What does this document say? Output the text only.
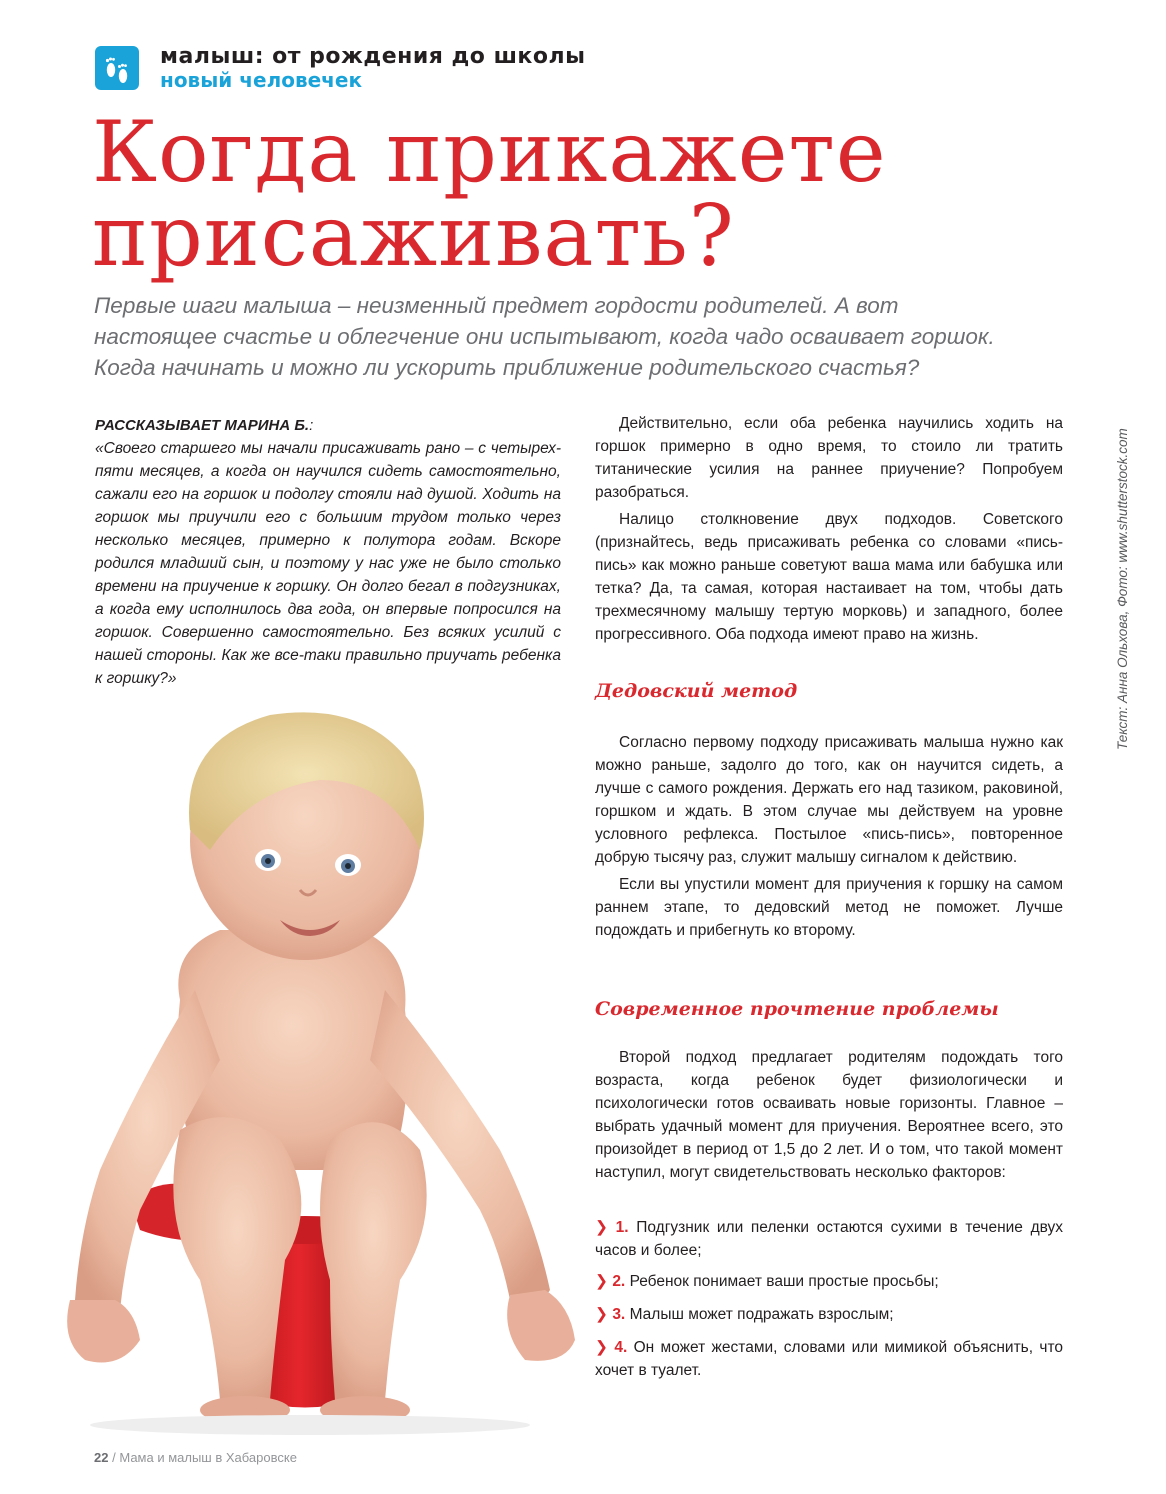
малыш: от рождения до школы
новый человечек
Когда прикажете
присаживать?
Первые шаги малыша – неизменный предмет гордости родителей. А вот
настоящее счастье и облегчение они испытывают, когда чадо осваивает горшок.
Когда начинать и можно ли ускорить приближение родительского счастья?
РАССКАЗЫВАЕТ МАРИНА Б.:
«Своего старшего мы начали присаживать рано – с четырех-пяти месяцев, а когда он научился сидеть самостоятельно, сажали его на горшок и подолгу стояли над душой. Ходить на горшок мы приучили его с большим трудом только через несколько месяцев, примерно к полутора годам. Вскоре родился младший сын, и поэтому у нас уже не было столько времени на приучение к горшку. Он долго бегал в подгузниках, а когда ему исполнилось два года, он впервые попросился на горшок. Совершенно самостоятельно. Без всяких усилий с нашей стороны. Как же все-таки правильно приучать ребенка к горшку?»

Действительно, если оба ребенка научились ходить на горшок примерно в одно время, то стоило ли тратить титанические усилия на раннее приучение? Попробуем разобраться.

Налицо столкновение двух подходов. Советского (признайтесь, ведь присаживать ребенка со словами «пись-пись» как можно раньше советуют ваша мама или бабушка или тетка? Да, та самая, которая настаивает на том, чтобы дать трехмесячному малышу тертую морковь) и западного, более прогрессивного. Оба подхода имеют право на жизнь.

Дедовский метод

Согласно первому подходу присаживать малыша нужно как можно раньше, задолго до того, как он научится сидеть, а лучше с самого рождения. Держать его над тазиком, раковиной, горшком и ждать. В этом случае мы действуем на уровне условного рефлекса. Постылое «пись-пись», повторенное добрую тысячу раз, служит малышу сигналом к действию.

Если вы упустили момент для приучения к горшку на самом раннем этапе, то дедовский метод не поможет. Лучше подождать и прибегнуть ко второму.

Современное прочтение проблемы

Второй подход предлагает родителям подождать того возраста, когда ребенок будет физиологически и психологически готов осваивать новые горизонты. Главное – выбрать удачный момент для приучения. Вероятнее всего, это произойдет в период от 1,5 до 2 лет. И о том, что такой момент наступил, могут свидетельствовать несколько факторов:

❯ 1. Подгузник или пеленки остаются сухими в течение двух часов и более;
❯ 2. Ребенок понимает ваши простые просьбы;
❯ 3. Малыш может подражать взрослым;
❯ 4. Он может жестами, словами или мимикой объяснить, что хочет в туалет.
Текст: Анна Ольхова, Фото: www.shutterstock.com
22 / Мама и малыш в Хабаровске
